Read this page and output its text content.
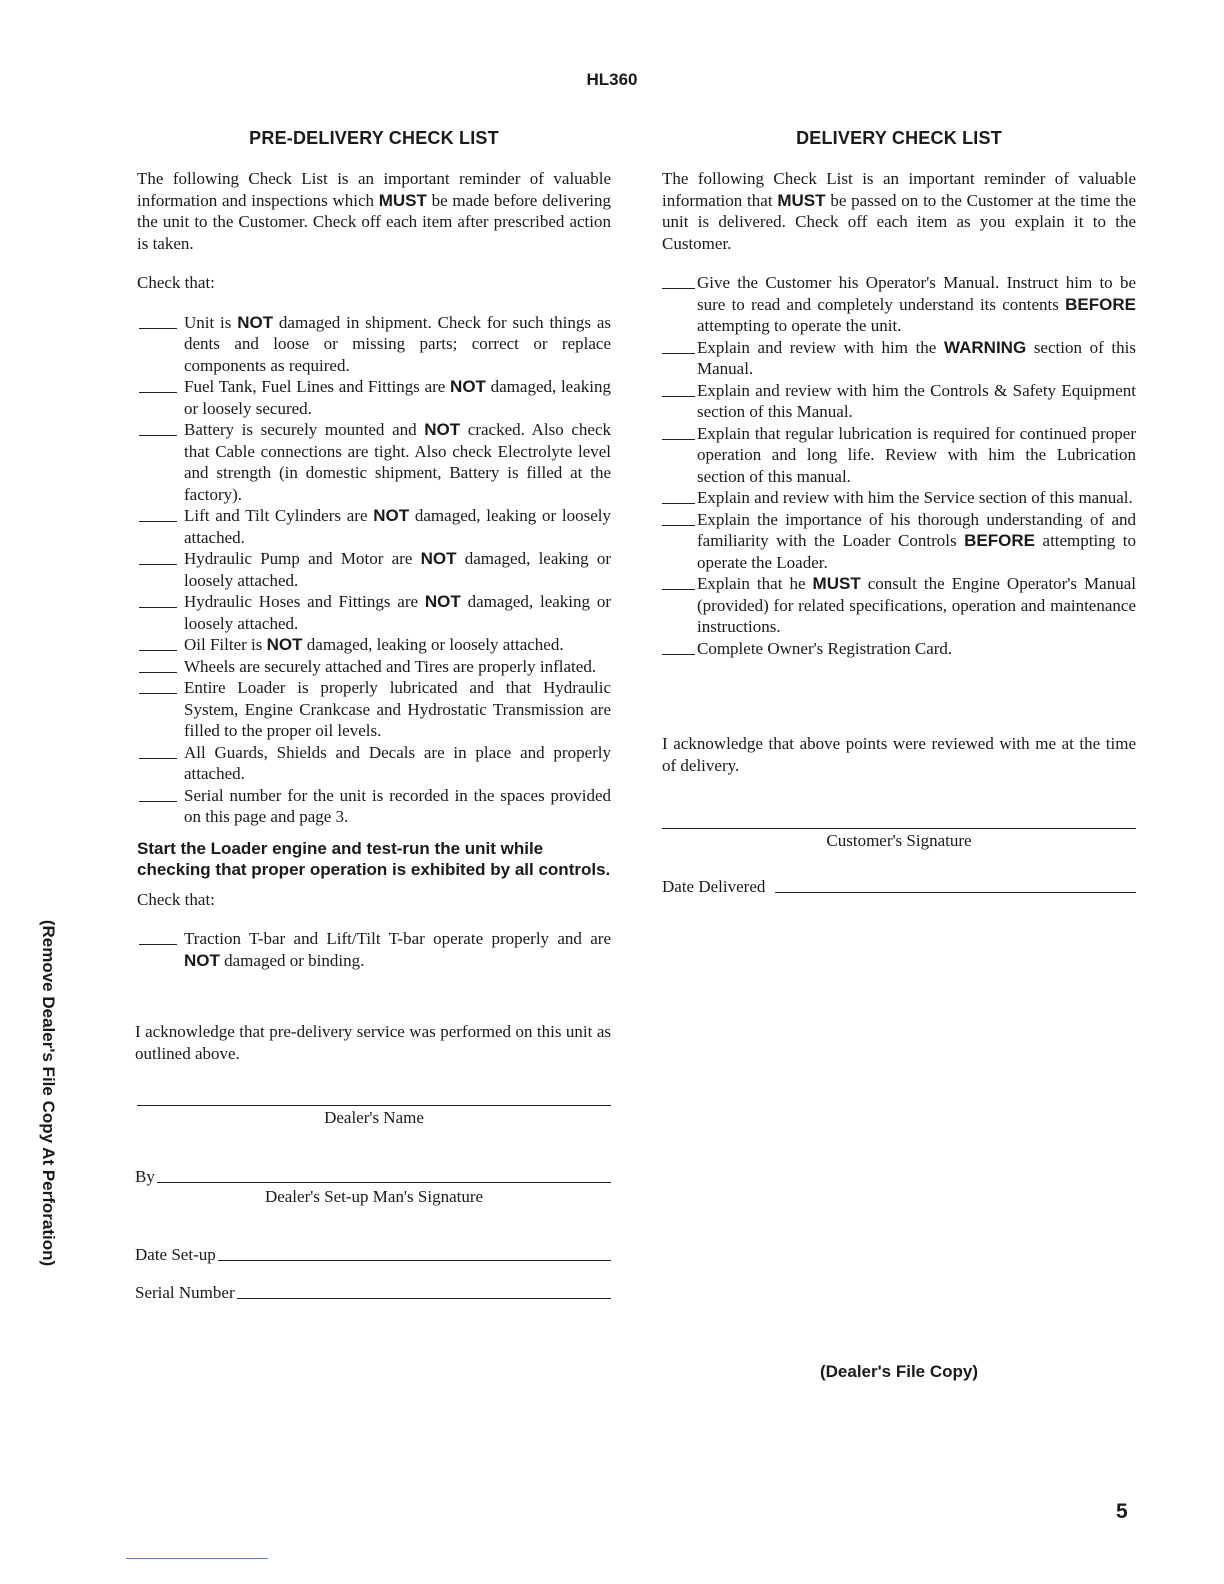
HL360
PRE-DELIVERY CHECK LIST

The following Check List is an important reminder of valuable information and inspections which MUST be made before delivering the unit to the Customer. Check off each item after prescribed action is taken.

Check that:
Unit is NOT damaged in shipment. Check for such things as dents and loose or missing parts; correct or replace components as required.
Fuel Tank, Fuel Lines and Fittings are NOT damaged, leaking or loosely secured.
Battery is securely mounted and NOT cracked. Also check that Cable connections are tight. Also check Electrolyte level and strength (in domestic shipment, Battery is filled at the factory).
Lift and Tilt Cylinders are NOT damaged, leaking or loosely attached.
Hydraulic Pump and Motor are NOT damaged, leaking or loosely attached.
Hydraulic Hoses and Fittings are NOT damaged, leaking or loosely attached.
Oil Filter is NOT damaged, leaking or loosely attached.
Wheels are securely attached and Tires are properly inflated.
Entire Loader is properly lubricated and that Hydraulic System, Engine Crankcase and Hydrostatic Transmission are filled to the proper oil levels.
All Guards, Shields and Decals are in place and properly attached.
Serial number for the unit is recorded in the spaces provided on this page and page 3.

Start the Loader engine and test-run the unit while checking that proper operation is exhibited by all controls.

Check that:
Traction T-bar and Lift/Tilt T-bar operate properly and are NOT damaged or binding.

I acknowledge that pre-delivery service was performed on this unit as outlined above.

Dealer's Name
By
Dealer's Set-up Man's Signature
Date Set-up
Serial Number
DELIVERY CHECK LIST

The following Check List is an important reminder of valuable information that MUST be passed on to the Customer at the time the unit is delivered. Check off each item as you explain it to the Customer.

Give the Customer his Operator's Manual. Instruct him to be sure to read and completely understand its contents BEFORE attempting to operate the unit.
Explain and review with him the WARNING section of this Manual.
Explain and review with him the Controls & Safety Equipment section of this Manual.
Explain that regular lubrication is required for continued proper operation and long life. Review with him the Lubrication section of this manual.
Explain and review with him the Service section of this manual.
Explain the importance of his thorough understanding of and familiarity with the Loader Controls BEFORE attempting to operate the Loader.
Explain that he MUST consult the Engine Operator's Manual (provided) for related specifications, operation and maintenance instructions.
Complete Owner's Registration Card.

I acknowledge that above points were reviewed with me at the time of delivery.

Customer's Signature
Date Delivered
(Remove Dealer's File Copy At Perforation)
(Dealer's File Copy)
5
